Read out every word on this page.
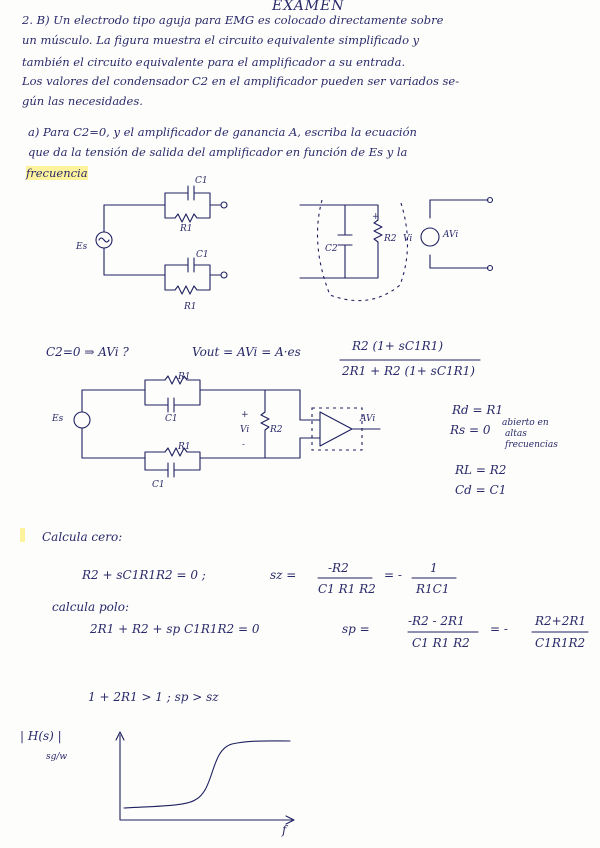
EXAMEN
2. B) Un electrodo tipo aguja para EMG es colocado directamente sobre
un músculo. La figura muestra el circuito equivalente simplificado y
también el circuito equivalente para el amplificador a su entrada.
Los valores del condensador C2 en el amplificador pueden ser variados se-
gún las necesidades.
a) Para C2=0, y el amplificador de ganancia A, escriba la ecuación
que da la tensión de salida del amplificador en función de Es y la
frecuencia
C1
R1
Es
C1
R1
C2
+
R2 Vi	AVi
C2=0 ⇒ AVi ?	Vout = AVi = A·es	R2 (1+ sC1R1)
2R1 + R2 (1+ sC1R1)
Es
R1
C1
R1
C1
+
Vi
-
R2
AVi
Rd = R1
Rs = 0 abierto en
altas
frecuencias
RL = R2
Cd = C1

Calcula cero:
R2 + sC1R1R2 = 0 ;	sz =	-R2
C1 R1 R2
= - 1
R1C1
calcula polo:
2R1 + R2 + sp C1R1R2 = 0	sp =
-R2 - 2R1
C1 R1 R2
= -
R2+2R1
C1R1R2
1 + 2R1 > 1 ; sp > sz
| H(s) |
sg/w
f
